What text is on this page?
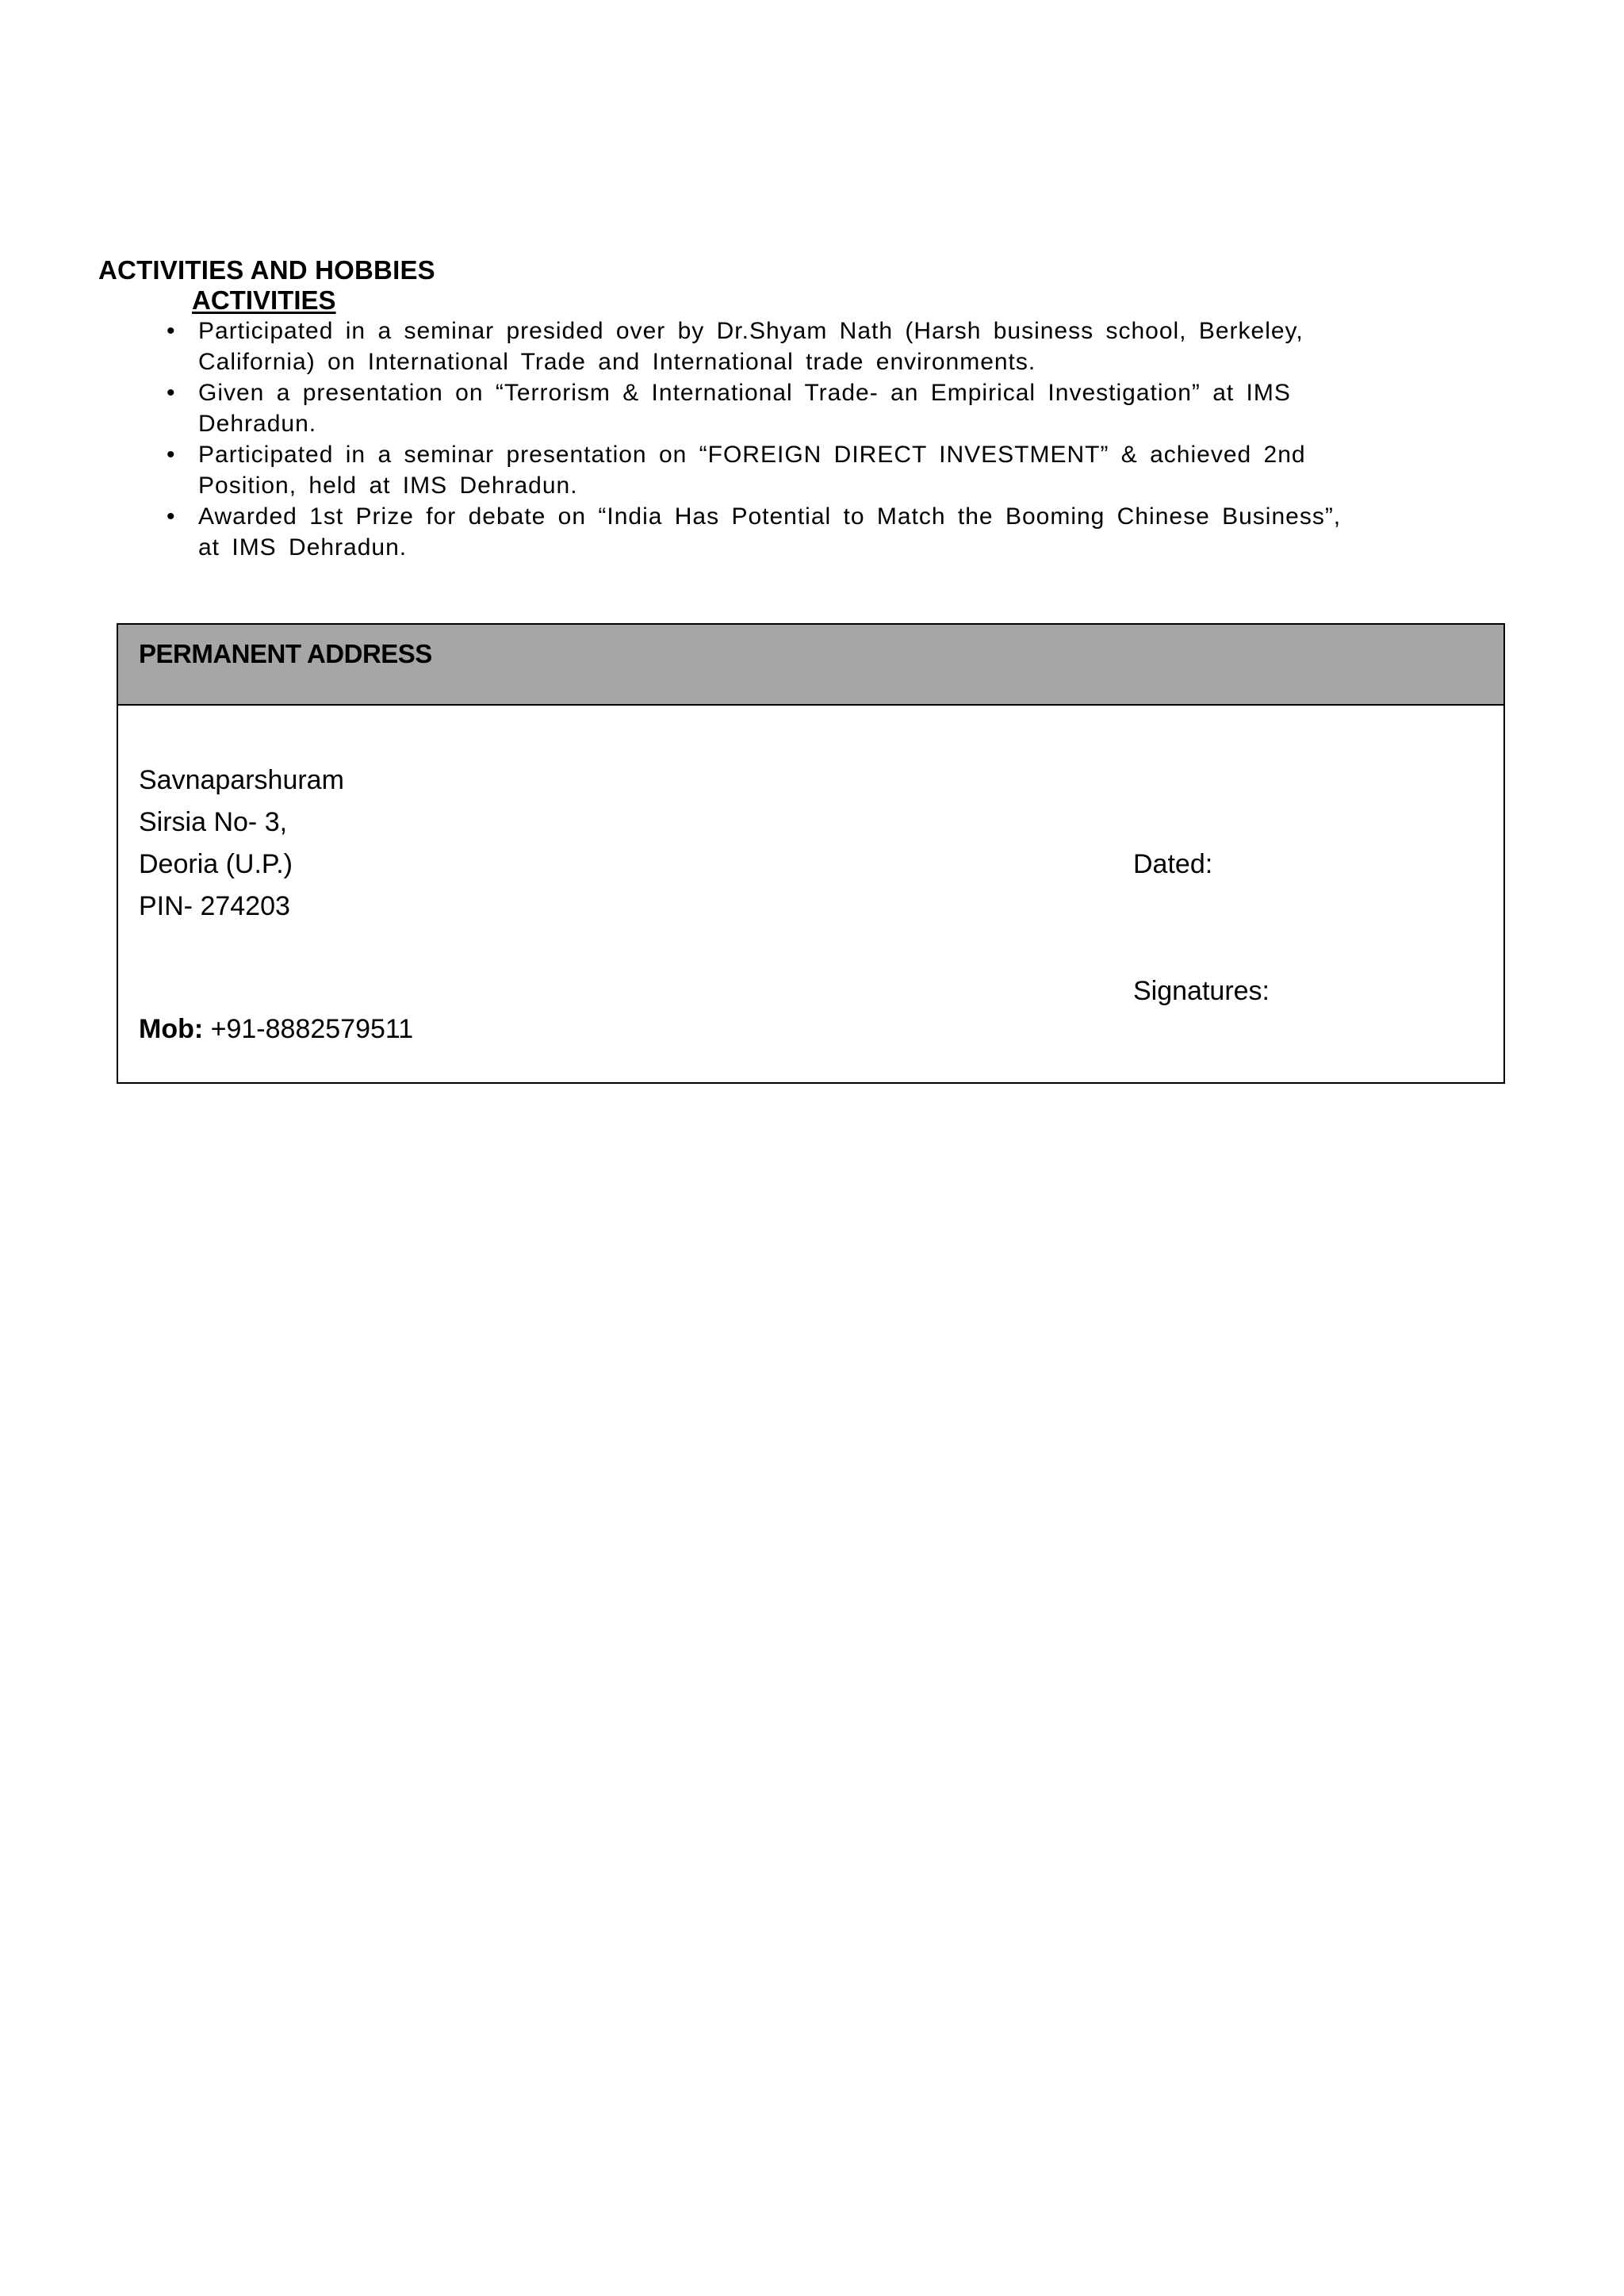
ACTIVITIES AND HOBBIES
ACTIVITIES
• Participated in a seminar presided over by Dr.Shyam Nath (Harsh business school, Berkeley,
California) on International Trade and International trade environments.
• Given a presentation on “Terrorism & International Trade- an Empirical Investigation” at IMS
Dehradun.
• Participated in a seminar presentation on “FOREIGN DIRECT INVESTMENT” & achieved 2nd
Position, held at IMS Dehradun.
• Awarded 1st Prize for debate on “India Has Potential to Match the Booming Chinese Business”,
at IMS Dehradun.
PERMANENT ADDRESS
Savnaparshuram
Sirsia No- 3,
Deoria (U.P.)
PIN- 274203
Dated:
Signatures:
Mob: +91-8882579511
